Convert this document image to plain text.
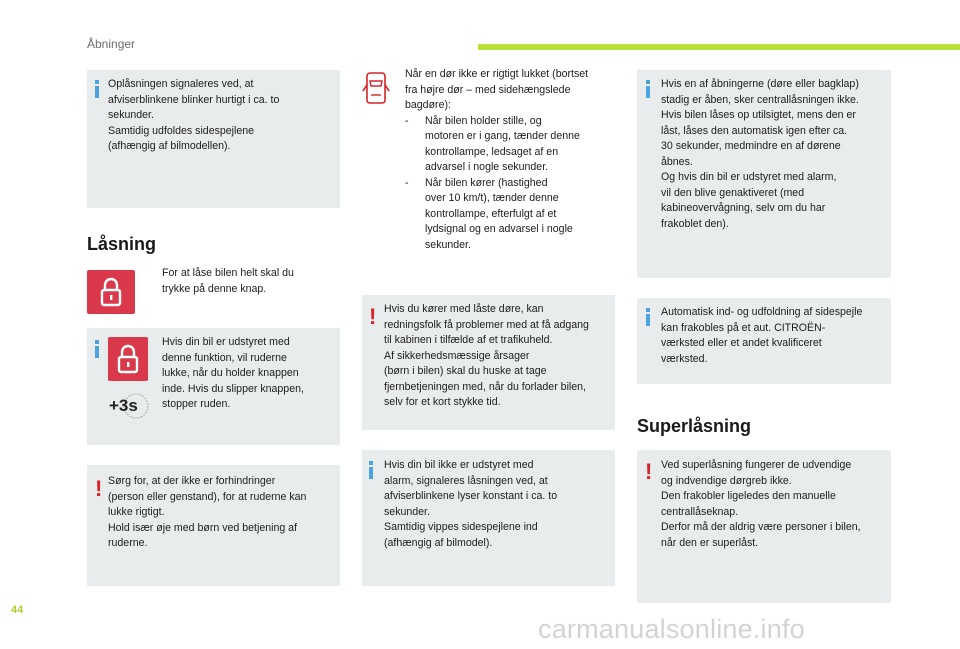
Åbninger

Oplåsningen signaleres ved, at

afviserblinkene blinker hurtigt i ca. to

sekunder.

Samtidig udfoldes sidespejlene

(afhængig af bilmodellen).

Låsning

For at låse bilen helt skal du

trykke på denne knap.

+3s

Hvis din bil er udstyret med

denne funktion, vil ruderne

lukke, når du holder knappen

inde. Hvis du slipper knappen,

stopper ruden.

! Sørg for, at der ikke er forhindringer

(person eller genstand), for at ruderne kan

lukke rigtigt.

Hold især øje med børn ved betjening af

ruderne.

Når en dør ikke er rigtigt lukket (bortset

fra højre dør – med sidehængslede

bagdøre):

- Når bilen holder stille, og

motoren er i gang, tænder denne

kontrollampe, ledsaget af en

advarsel i nogle sekunder.

- Når bilen kører (hastighed

over 10 km/t), tænder denne

kontrollampe, efterfulgt af et

lydsignal og en advarsel i nogle

sekunder.

! Hvis du kører med låste døre, kan

redningsfolk få problemer med at få adgang

til kabinen i tilfælde af et trafikuheld.

Af sikkerhedsmæssige årsager

(børn i bilen) skal du huske at tage

fjernbetjeningen med, når du forlader bilen,

selv for et kort stykke tid.

Hvis din bil ikke er udstyret med

alarm, signaleres låsningen ved, at

afviserblinkene lyser konstant i ca. to

sekunder.

Samtidig vippes sidespejlene ind

(afhængig af bilmodel).

Hvis en af åbningerne (døre eller bagklap)

stadig er åben, sker centrallåsningen ikke.

Hvis bilen låses op utilsigtet, mens den er

låst, låses den automatisk igen efter ca.

30 sekunder, medmindre en af dørene

åbnes.

Og hvis din bil er udstyret med alarm,

vil den blive genaktiveret (med

kabineovervågning, selv om du har

frakoblet den).

Automatisk ind- og udfoldning af sidespejle

kan frakobles på et aut. CITROËN-

værksted eller et andet kvalificeret

værksted.

Superlåsning
! Ved superlåsning fungerer de udvendige

og indvendige dørgreb ikke.

Den frakobler ligeledes den manuelle

centrallåseknap.

Derfor må der aldrig være personer i bilen,

når den er superlåst.

44
carmanualsonline.info
